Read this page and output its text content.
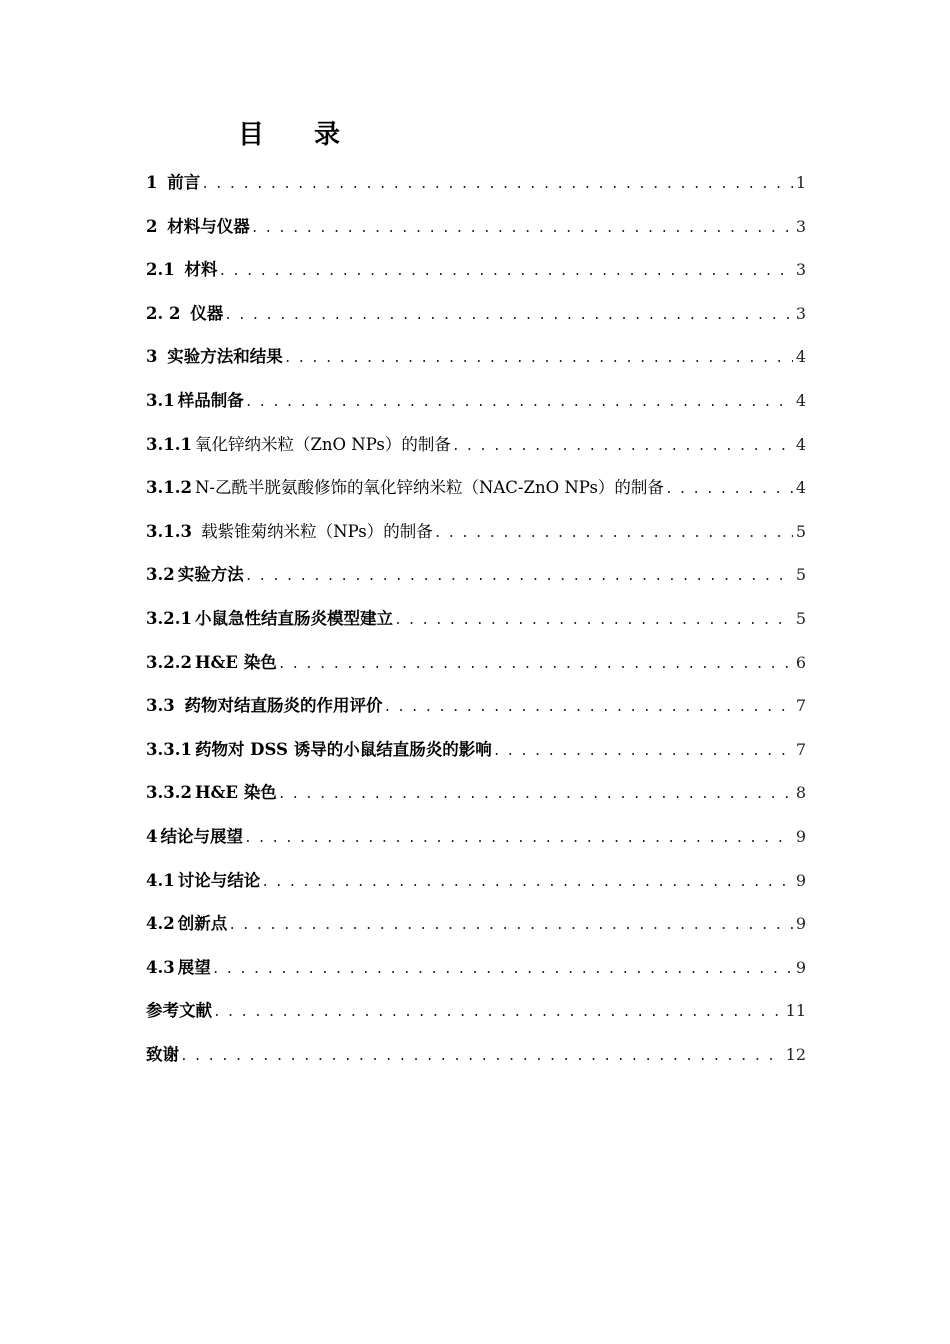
目 录
1 前言 . . .	1
2 材料与仪器 . . .	3
2.1 材料 . . .	3
2. 2 仪器 . . .	3
3 实验方法和结果 . . .	4
3.1 样品制备 . . .	4
3.1.1 氧化锌纳米粒（ZnO NPs）的制备 . . .	4
3.1.2 N-乙酰半胱氨酸修饰的氧化锌纳米粒（NAC-ZnO NPs）的制备 . . .	4
3.1.3 载紫锥菊纳米粒（NPs）的制备 . . .	5
3.2 实验方法 . . .	5
3.2.1 小鼠急性结直肠炎模型建立 . . .	5
3.2.2 H&E 染色 . . .	6
3.3 药物对结直肠炎的作用评价 . . .	7
3.3.1 药物对 DSS 诱导的小鼠结直肠炎的影响 . . .	7
3.3.2 H&E 染色 . . .	8
4 结论与展望 . . .	9
4.1 讨论与结论 . . .	9
4.2 创新点 . . .	9
4.3 展望 . . .	9
参考文献 . . .	11
致谢 . . .	12
